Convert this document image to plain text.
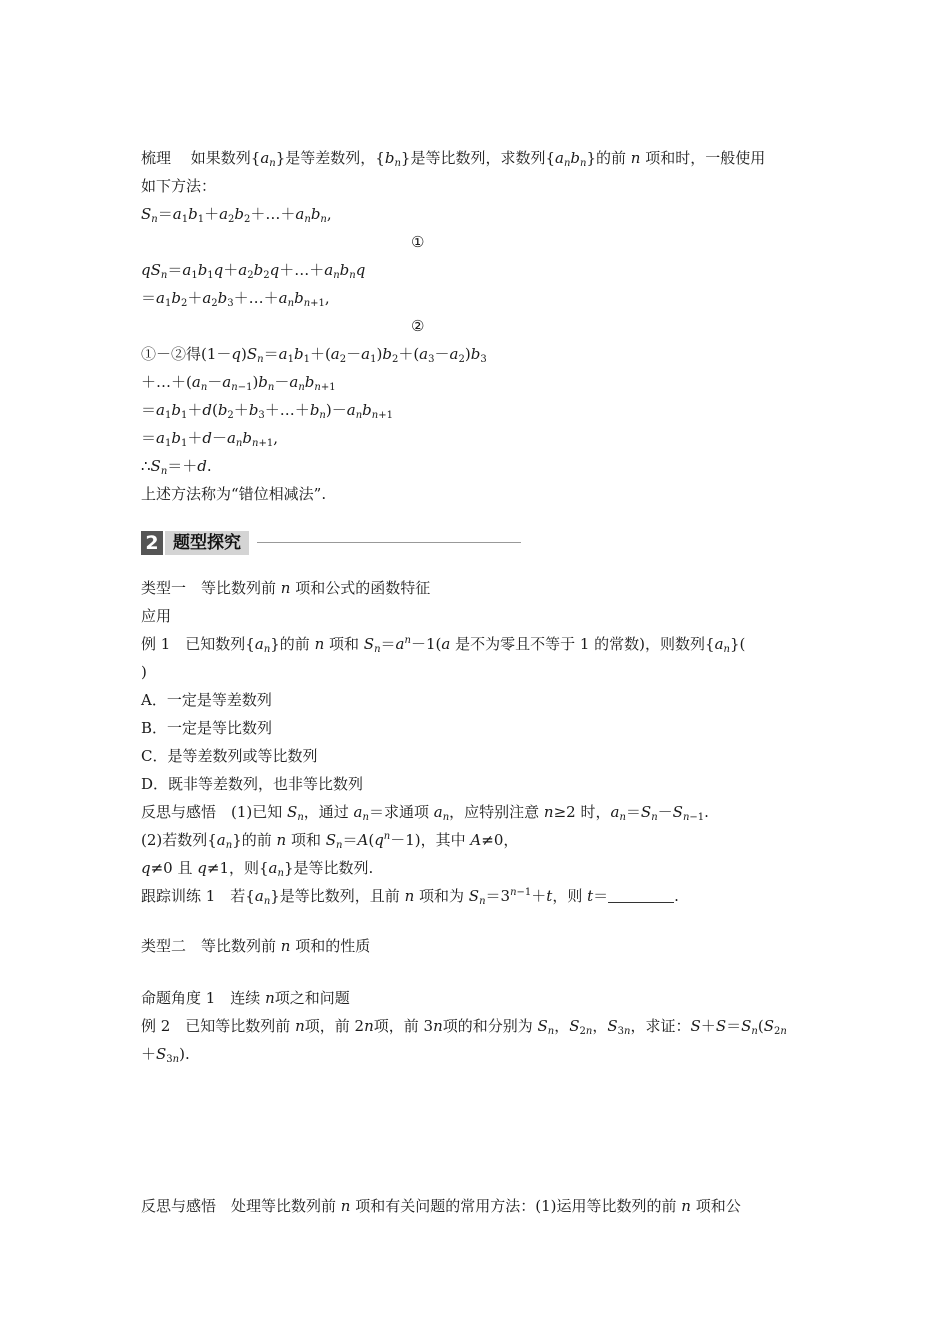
梳理　 如果数列$\{a_n\}$是等差数列，$\{b_n\}$是等比数列，求数列$\{a_nb_n\}$的前 n 项和时，一般使用
如下方法：
$S_n=a_1b_1+a_2b_2+\dots+a_nb_n$,
①
$qS_n=a_1b_1q+a_2b_2q+\dots+a_nb_nq$
$=a_1b_2+a_2b_3+\dots+a_nb_{n+1}$,
②
①－②得$(1-q)S_n=a_1b_1+(a_2-a_1)b_2+(a_3-a_2)b_3$
$+\dots+(a_n-a_{n-1})b_n-a_nb_{n+1}$
$=a_1b_1+d(b_2+b_3+\dots+b_n)-a_nb_{n+1}$
$=a_1b_1+d-a_nb_{n+1}$,
$\therefore S_n=+d$.
上述方法称为“错位相减法”.
2 题型探究
类型一　等比数列前 n 项和公式的函数特征
应用
例 1　已知数列$\{a_n\}$的前 n 项和 $S_n=a^n-1(a$ 是不为零且不等于 1 的常数)，则数列$\{a_n\}$(
)
A．一定是等差数列
B．一定是等比数列
C．是等差数列或等比数列
D．既非等差数列，也非等比数列
反思与感悟　(1)已知 $S_n$，通过 $a_n=$求通项 $a_n$，应特别注意 n≥2 时，$a_n=S_n-S_{n-1}$.
(2)若数列$\{a_n\}$的前 n 项和 $S_n=A(q^n-1)$，其中 A≠0，
q≠0 且 q≠1，则$\{a_n\}$是等比数列.
跟踪训练 1　若$\{a_n\}$是等比数列，且前 n 项和为 $S_n=3^{n-1}+t$，则 t＝	.
类型二　等比数列前 n 项和的性质
命题角度 1　连续 n项之和问题
例 2　已知等比数列前 n项，前 2n项，前 3n项的和分别为 $S_n$，$S_{2n}$，$S_{3n}$，求证：$S+S=S_n(S_{2n}$
$+S_{3n}$).
反思与感悟　处理等比数列前 n 项和有关问题的常用方法：(1)运用等比数列的前 n 项和公
